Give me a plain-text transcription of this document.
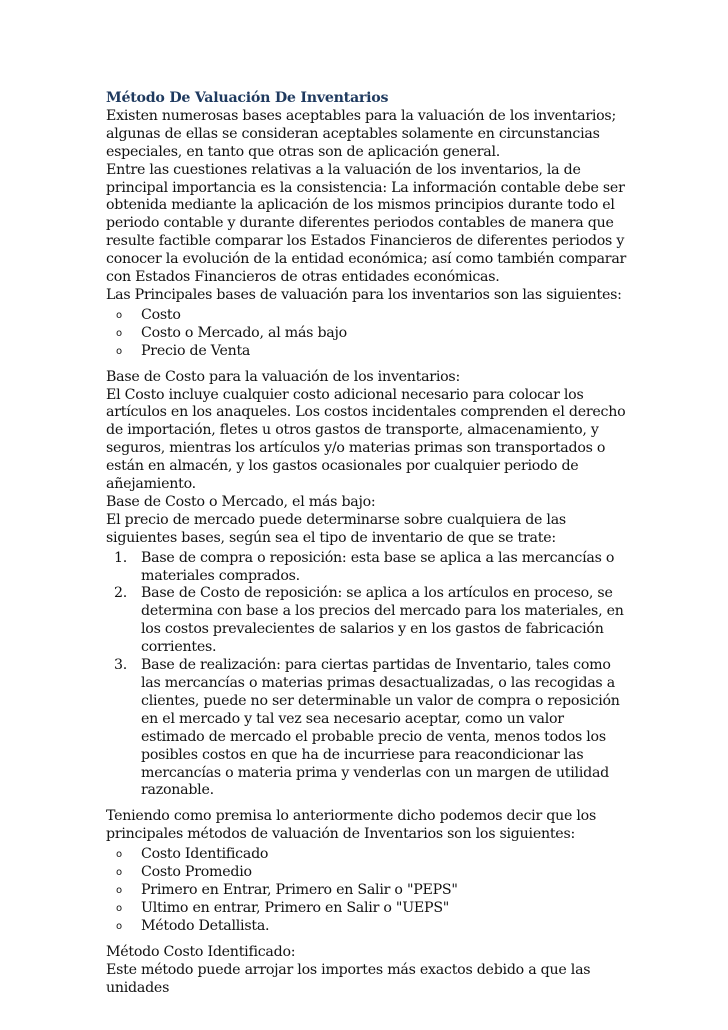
Método De Valuación De Inventarios

Existen numerosas bases aceptables para la valuación de los inventarios; algunas de ellas se consideran aceptables solamente en circunstancias especiales, en tanto que otras son de aplicación general.

Entre las cuestiones relativas a la valuación de los inventarios, la de principal importancia es la consistencia: La información contable debe ser obtenida mediante la aplicación de los mismos principios durante todo el periodo contable y durante diferentes periodos contables de manera que resulte factible comparar los Estados Financieros de diferentes periodos y conocer la evolución de la entidad económica; así como también comparar con Estados Financieros de otras entidades económicas.

Las Principales bases de valuación para los inventarios son las siguientes:

o Costo
o Costo o Mercado, al más bajo
o Precio de Venta

Base de Costo para la valuación de los inventarios:

El Costo incluye cualquier costo adicional necesario para colocar los artículos en los anaqueles. Los costos incidentales comprenden el derecho de importación, fletes u otros gastos de transporte, almacenamiento, y seguros, mientras los artículos y/o materias primas son transportados o están en almacén, y los gastos ocasionales por cualquier periodo de añejamiento.

Base de Costo o Mercado, el más bajo:

El precio de mercado puede determinarse sobre cualquiera de las siguientes bases, según sea el tipo de inventario de que se trate:

1. Base de compra o reposición: esta base se aplica a las mercancías o materiales comprados.
2. Base de Costo de reposición: se aplica a los artículos en proceso, se determina con base a los precios del mercado para los materiales, en los costos prevalecientes de salarios y en los gastos de fabricación corrientes.
3. Base de realización: para ciertas partidas de Inventario, tales como las mercancías o materias primas desactualizadas, o las recogidas a clientes, puede no ser determinable un valor de compra o reposición en el mercado y tal vez sea necesario aceptar, como un valor estimado de mercado el probable precio de venta, menos todos los posibles costos en que ha de incurriese para reacondicionar las mercancías o materia prima y venderlas con un margen de utilidad razonable.

Teniendo como premisa lo anteriormente dicho podemos decir que los principales métodos de valuación de Inventarios son los siguientes:

o Costo Identificado
o Costo Promedio
o Primero en Entrar, Primero en Salir o "PEPS"
o Ultimo en entrar, Primero en Salir o "UEPS"
o Método Detallista.

Método Costo Identificado:

Este método puede arrojar los importes más exactos debido a que las unidades
